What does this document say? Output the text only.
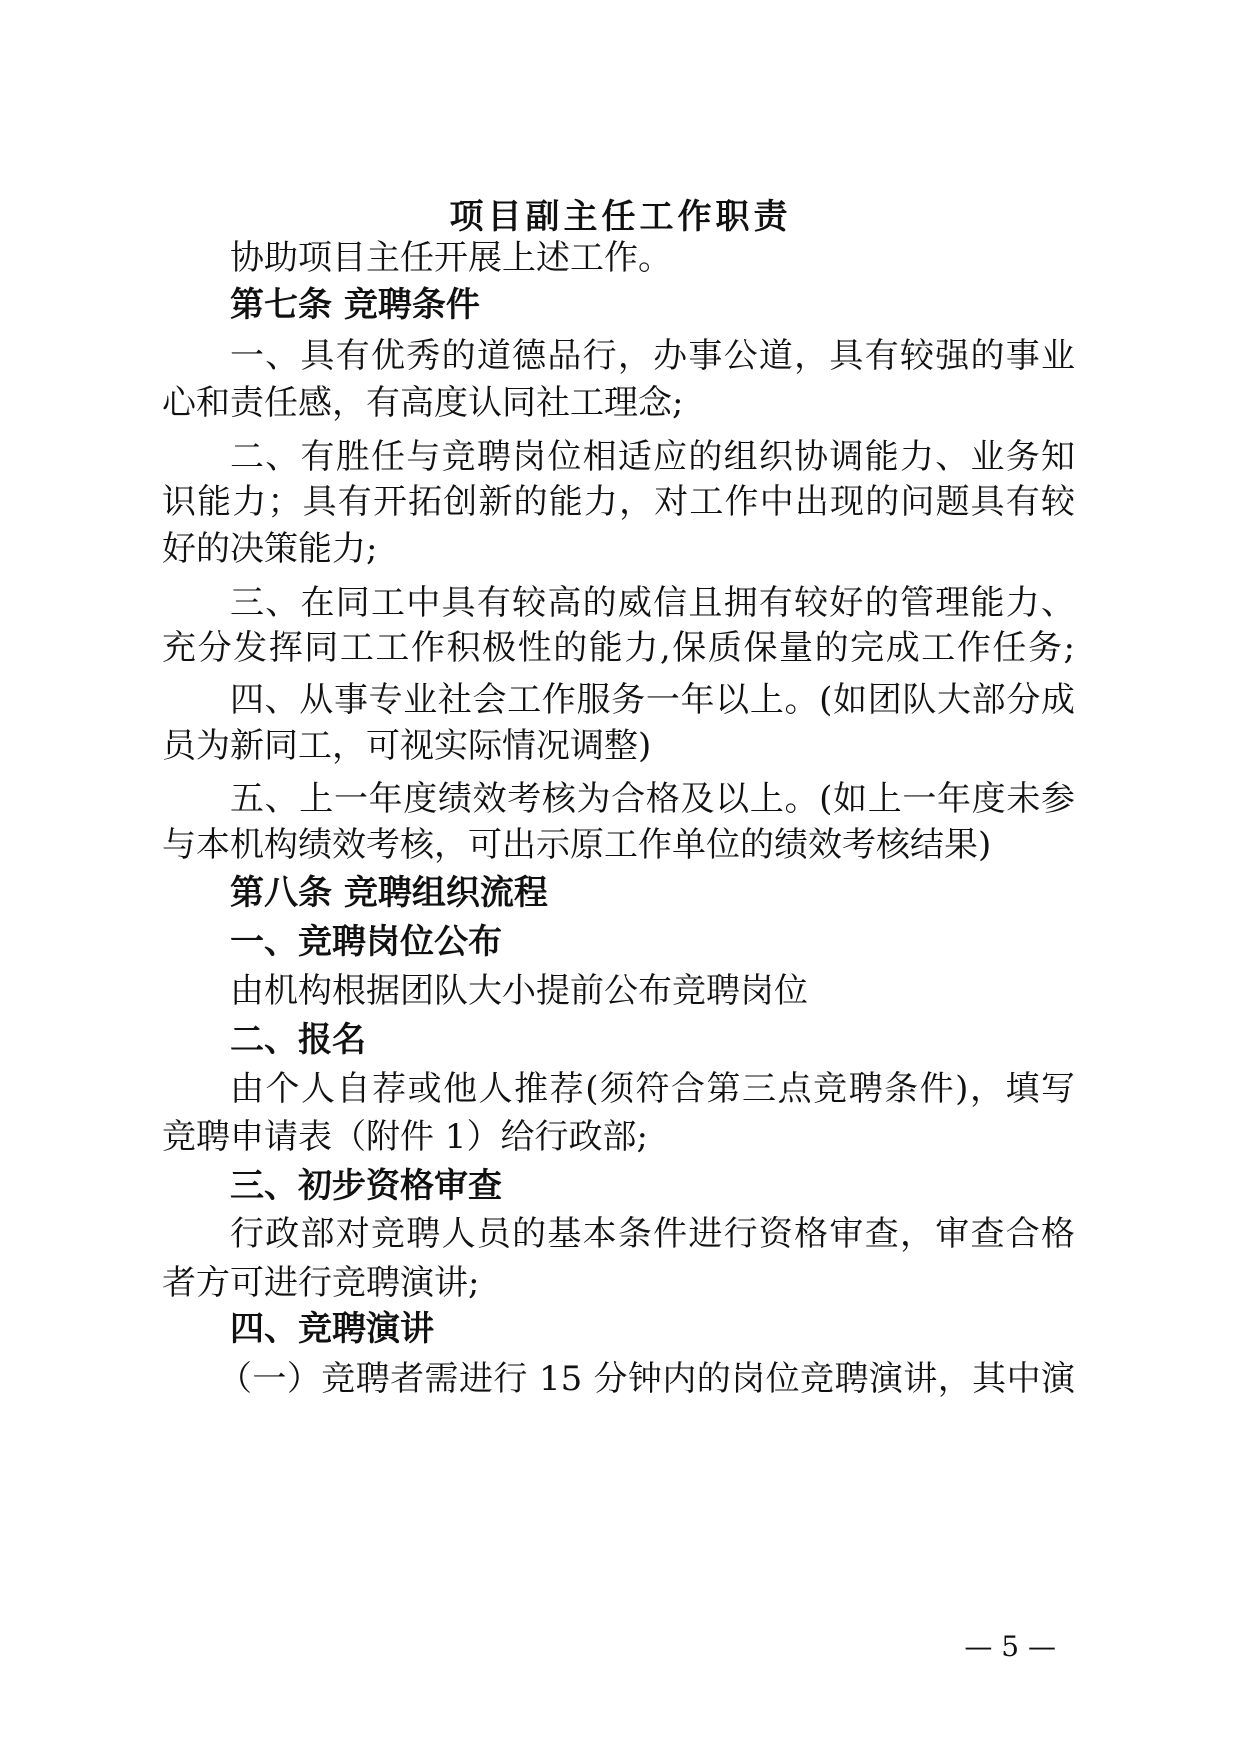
项目副主任工作职责
协助项目主任开展上述工作。
第七条 竞聘条件
一、具有优秀的道德品行，办事公道，具有较强的事业
心和责任感，有高度认同社工理念;
二、有胜任与竞聘岗位相适应的组织协调能力、业务知
识能力；具有开拓创新的能力，对工作中出现的问题具有较
好的决策能力;
三、在同工中具有较高的威信且拥有较好的管理能力、
充分发挥同工工作积极性的能力,保质保量的完成工作任务;
四、从事专业社会工作服务一年以上。(如团队大部分成
员为新同工，可视实际情况调整)
五、上一年度绩效考核为合格及以上。(如上一年度未参
与本机构绩效考核，可出示原工作单位的绩效考核结果)
第八条 竞聘组织流程
一、竞聘岗位公布
由机构根据团队大小提前公布竞聘岗位
二、报名
由个人自荐或他人推荐(须符合第三点竞聘条件)，填写
竞聘申请表（附件 1）给行政部;
三、初步资格审查
行政部对竞聘人员的基本条件进行资格审查，审查合格
者方可进行竞聘演讲;
四、竞聘演讲
（一）竞聘者需进行 15 分钟内的岗位竞聘演讲，其中演
— 5 —
